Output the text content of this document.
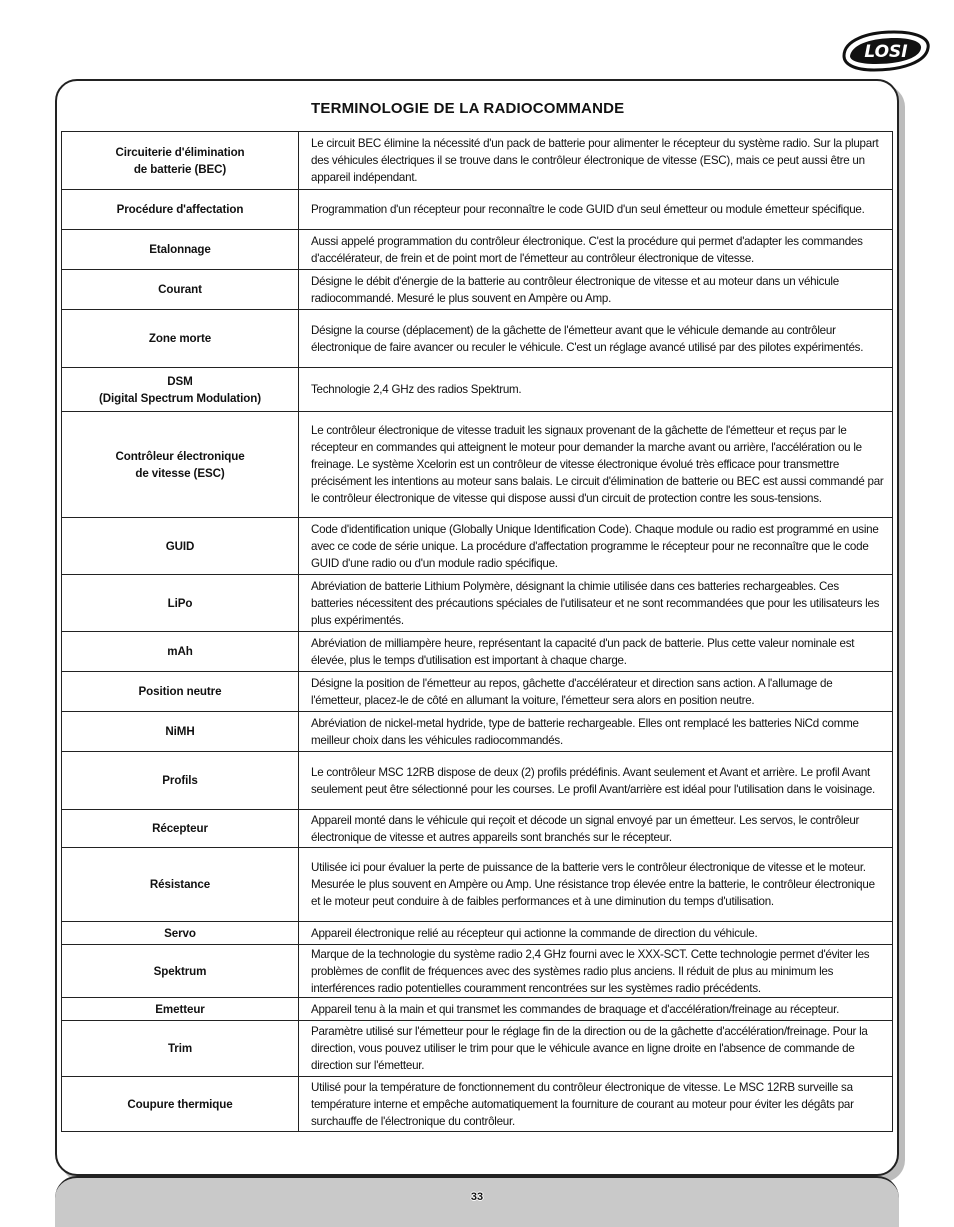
LOSI
33
TERMINOLOGIE DE LA RADIOCOMMANDE
Circuiterie d'élimination
de batterie (BEC)	Le circuit BEC élimine la nécessité d'un pack de batterie pour alimenter le récepteur du système radio. Sur la plupart des véhicules électriques il se trouve dans le contrôleur électronique de vitesse (ESC), mais ce peut aussi être un appareil indépendant.
Procédure d'affectation	Programmation d'un récepteur pour reconnaître le code GUID d'un seul émetteur ou module émetteur spécifique.
Etalonnage	Aussi appelé programmation du contrôleur électronique. C'est la procédure qui permet d'adapter les commandes d'accélérateur, de frein et de point mort de l'émetteur au contrôleur électronique de vitesse.
Courant	Désigne le débit d'énergie de la batterie au contrôleur électronique de vitesse et au moteur dans un véhicule radiocommandé. Mesuré le plus souvent en Ampère ou Amp.
Zone morte	Désigne la course (déplacement) de la gâchette de l'émetteur avant que le véhicule demande au contrôleur électronique de faire avancer ou reculer le véhicule. C'est un réglage avancé utilisé par des pilotes expérimentés.
DSM
(Digital Spectrum Modulation)	Technologie 2,4 GHz des radios Spektrum.
Contrôleur électronique
de vitesse (ESC)	Le contrôleur électronique de vitesse traduit les signaux provenant de la gâchette de l'émetteur et reçus par le récepteur en commandes qui atteignent le moteur pour demander la marche avant ou arrière, l'accélération ou le freinage. Le système Xcelorin est un contrôleur de vitesse électronique évolué très efficace pour transmettre précisément les intentions au moteur sans balais. Le circuit d'élimination de batterie ou BEC est aussi commandé par le contrôleur électronique de vitesse qui dispose aussi d'un circuit de protection contre les sous-tensions.
GUID	Code d'identification unique (Globally Unique Identification Code). Chaque module ou radio est programmé en usine avec ce code de série unique. La procédure d'affectation programme le récepteur pour ne reconnaître que le code GUID d'une radio ou d'un module radio spécifique.
LiPo	Abréviation de batterie Lithium Polymère, désignant la chimie utilisée dans ces batteries rechargeables. Ces batteries nécessitent des précautions spéciales de l'utilisateur et ne sont recommandées que pour les utilisateurs les plus expérimentés.
mAh	Abréviation de milliampère heure, représentant la capacité d'un pack de batterie. Plus cette valeur nominale est élevée, plus le temps d'utilisation est important à chaque charge.
Position neutre	Désigne la position de l'émetteur au repos, gâchette d'accélérateur et direction sans action. A l'allumage de l'émetteur, placez-le de côté en allumant la voiture, l'émetteur sera alors en position neutre.
NiMH	Abréviation de nickel-metal hydride, type de batterie rechargeable. Elles ont remplacé les batteries NiCd comme meilleur choix dans les véhicules radiocommandés.
Profils	Le contrôleur MSC 12RB dispose de deux (2) profils prédéfinis. Avant seulement et Avant et arrière. Le profil Avant seulement peut être sélectionné pour les courses. Le profil Avant/arrière est idéal pour l'utilisation dans le voisinage.
Récepteur	Appareil monté dans le véhicule qui reçoit et décode un signal envoyé par un émetteur. Les servos, le contrôleur électronique de vitesse et autres appareils sont branchés sur le récepteur.
Résistance	Utilisée ici pour évaluer la perte de puissance de la batterie vers le contrôleur électronique de vitesse et le moteur. Mesurée le plus souvent en Ampère ou Amp. Une résistance trop élevée entre la batterie, le contrôleur électronique et le moteur peut conduire à de faibles performances et à une diminution du temps d'utilisation.
Servo	Appareil électronique relié au récepteur qui actionne la commande de direction du véhicule.
Spektrum	Marque de la technologie du système radio 2,4 GHz fourni avec le XXX-SCT. Cette technologie permet d'éviter les problèmes de conflit de fréquences avec des systèmes radio plus anciens. Il réduit de plus au minimum les interférences radio potentielles couramment rencontrées sur les systèmes radio précédents.
Emetteur	Appareil tenu à la main et qui transmet les commandes de braquage et d'accélération/freinage au récepteur.
Trim	Paramètre utilisé sur l'émetteur pour le réglage fin de la direction ou de la gâchette d'accélération/freinage. Pour la direction, vous pouvez utiliser le trim pour que le véhicule avance en ligne droite en l'absence de commande de direction sur l'émetteur.
Coupure thermique	Utilisé pour la température de fonctionnement du contrôleur électronique de vitesse. Le MSC 12RB surveille sa température interne et empêche automatiquement la fourniture de courant au moteur pour éviter les dégâts par surchauffe de l'électronique du contrôleur.
